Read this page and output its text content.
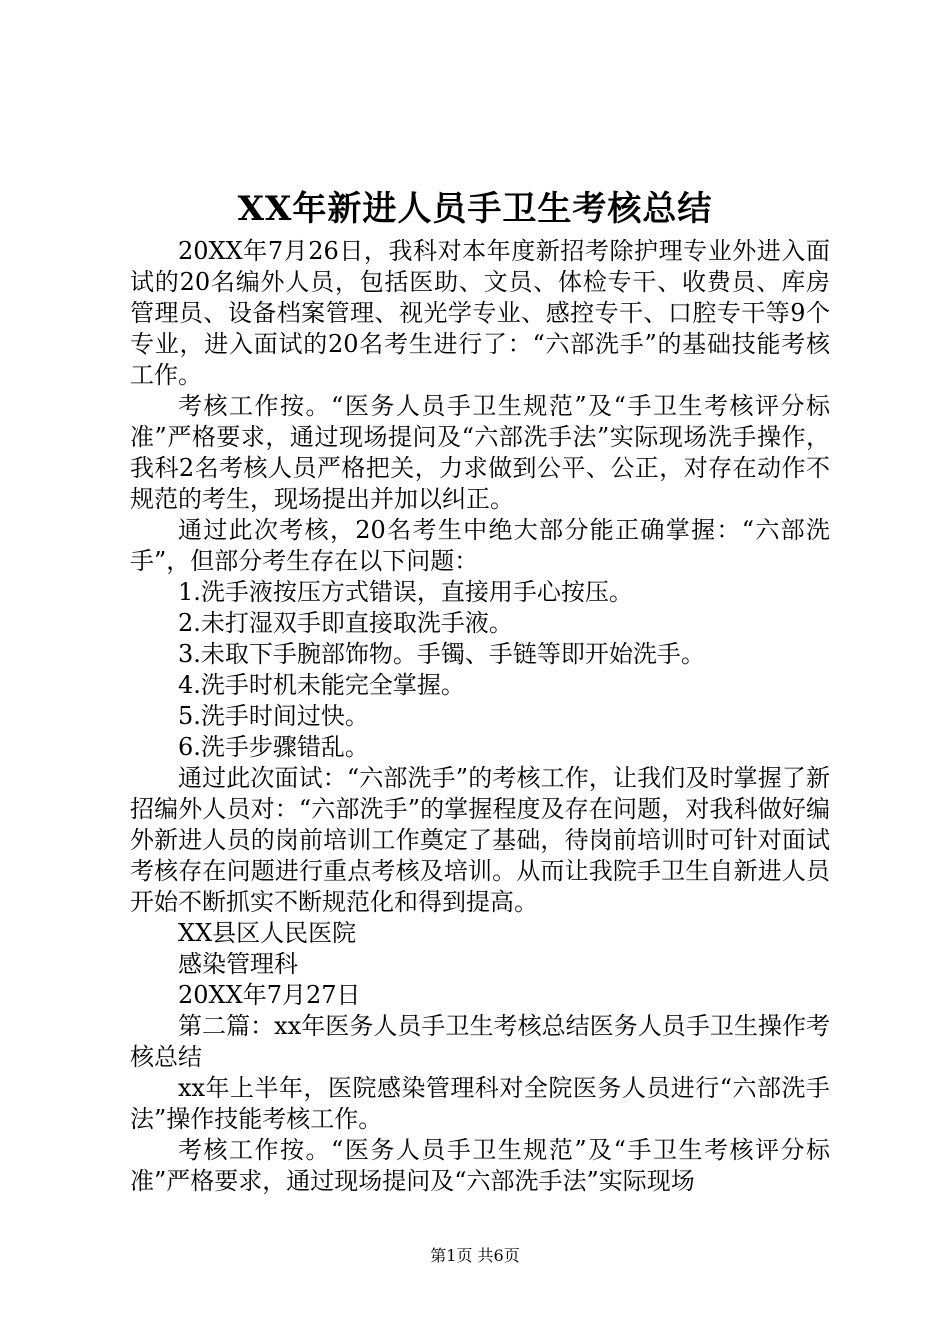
XX年新进人员手卫生考核总结

20XX年7月26日，我科对本年度新招考除护理专业外进入面试的20名编外人员，包括医助、文员、体检专干、收费员、库房管理员、设备档案管理、视光学专业、感控专干、口腔专干等9个专业，进入面试的20名考生进行了：“六部洗手”的基础技能考核工作。

考核工作按。“医务人员手卫生规范”及“手卫生考核评分标准”严格要求，通过现场提问及“六部洗手法”实际现场洗手操作，我科2名考核人员严格把关，力求做到公平、公正，对存在动作不规范的考生，现场提出并加以纠正。

通过此次考核，20名考生中绝大部分能正确掌握：“六部洗手”，但部分考生存在以下问题：

1.洗手液按压方式错误，直接用手心按压。

2.未打湿双手即直接取洗手液。

3.未取下手腕部饰物。手镯、手链等即开始洗手。

4.洗手时机未能完全掌握。

5.洗手时间过快。

6.洗手步骤错乱。

通过此次面试：“六部洗手”的考核工作，让我们及时掌握了新招编外人员对：“六部洗手”的掌握程度及存在问题，对我科做好编外新进人员的岗前培训工作奠定了基础，待岗前培训时可针对面试考核存在问题进行重点考核及培训。从而让我院手卫生自新进人员开始不断抓实不断规范化和得到提高。

XX县区人民医院

感染管理科

20XX年7月27日

第二篇：xx年医务人员手卫生考核总结医务人员手卫生操作考核总结

xx年上半年，医院感染管理科对全院医务人员进行“六部洗手法”操作技能考核工作。

考核工作按。“医务人员手卫生规范”及“手卫生考核评分标准”严格要求，通过现场提问及“六部洗手法”实际现场

第1页 共6页
